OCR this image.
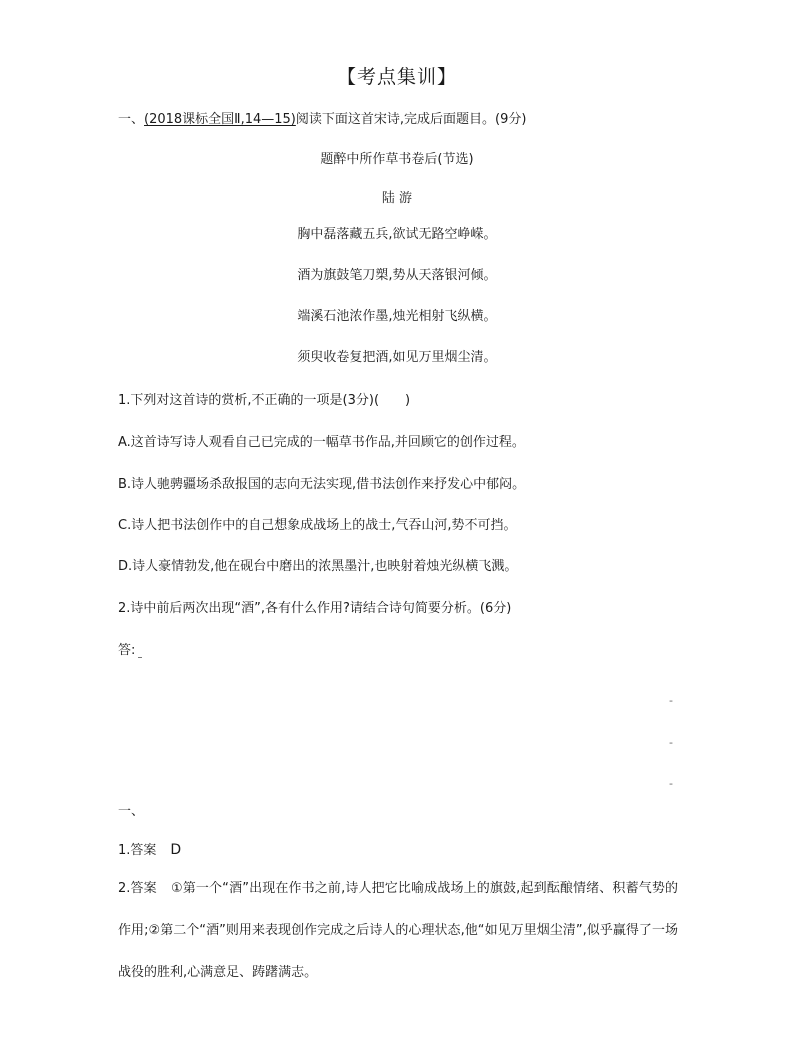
【考点集训】
一、(2018课标全国Ⅱ,14—15)阅读下面这首宋诗,完成后面题目。(9分)
题醉中所作草书卷后(节选)
陆 游
胸中磊落藏五兵,欲试无路空峥嵘。
酒为旗鼓笔刀槊,势从天落银河倾。
端溪石池浓作墨,烛光相射飞纵横。
须臾收卷复把酒,如见万里烟尘清。
1.下列对这首诗的赏析,不正确的一项是(3分)(　　)
A.这首诗写诗人观看自己已完成的一幅草书作品,并回顾它的创作过程。
B.诗人驰骋疆场杀敌报国的志向无法实现,借书法创作来抒发心中郁闷。
C.诗人把书法创作中的自己想象成战场上的战士,气吞山河,势不可挡。
D.诗人豪情勃发,他在砚台中磨出的浓黑墨汁,也映射着烛光纵横飞溅。
2.诗中前后两次出现“酒”,各有什么作用?请结合诗句简要分析。(6分)
答:
-
-
-
一、
1.答案 D
2.答案 ①第一个“酒”出现在作书之前,诗人把它比喻成战场上的旗鼓,起到酝酿情绪、积蓄气势的作用;②第二个“酒”则用来表现创作完成之后诗人的心理状态,他“如见万里烟尘清”,似乎赢得了一场战役的胜利,心满意足、踌躇满志。
